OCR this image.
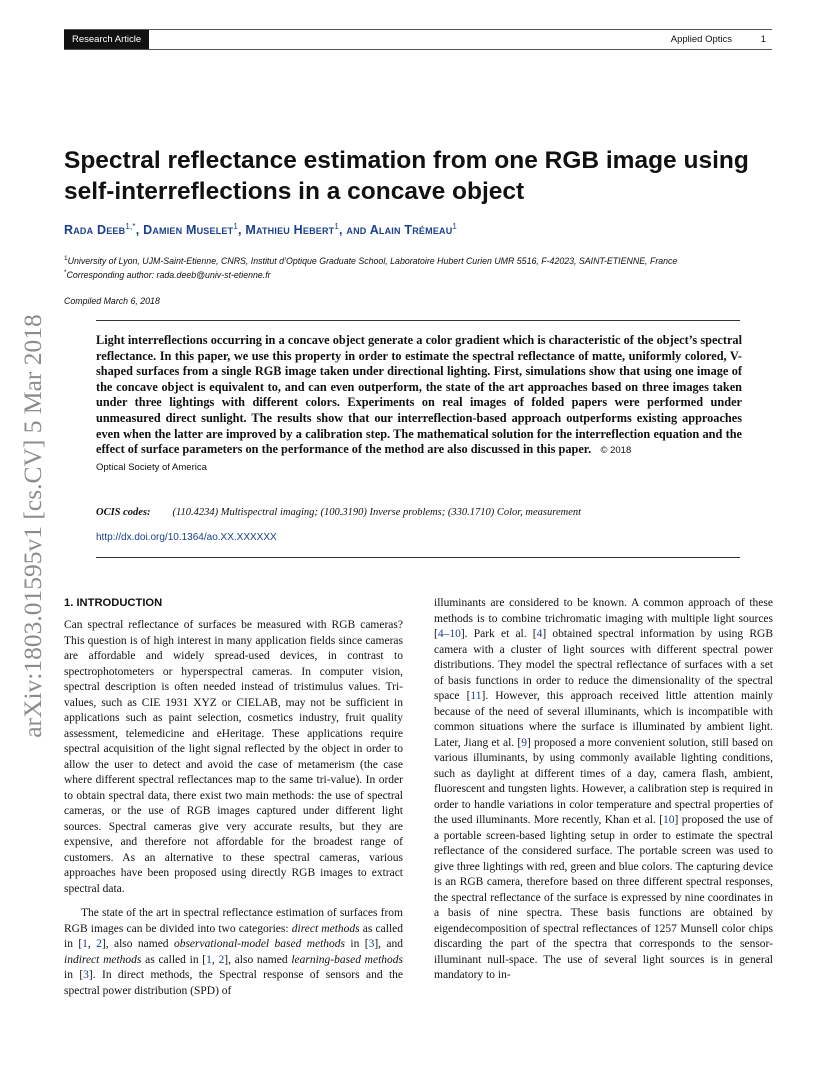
Research Article	Applied Optics	1
arXiv:1803.01595v1 [cs.CV] 5 Mar 2018
Spectral reflectance estimation from one RGB image using self-interreflections in a concave object
Rada Deeb$^{1,*}$, Damien Muselet$^1$, Mathieu Hebert$^1$, and Alain Trémeau$^1$
$^1$University of Lyon, UJM-Saint-Etienne, CNRS, Institut d’Optique Graduate School, Laboratoire Hubert Curien UMR 5516, F-42023, SAINT-ETIENNE, France
*Corresponding author: rada.deeb@univ-st-etienne.fr
Compiled March 6, 2018

Light interreflections occurring in a concave object generate a color gradient which is characteristic of the object’s spectral reflectance. In this paper, we use this property in order to estimate the spectral reflectance of matte, uniformly colored, V-shaped surfaces from a single RGB image taken under directional lighting. First, simulations show that using one image of the concave object is equivalent to, and can even outperform, the state of the art approaches based on three images taken under three lightings with different colors. Experiments on real images of folded papers were performed under unmeasured direct sunlight. The results show that our interreflection-based approach outperforms existing approaches even when the latter are improved by a calibration step. The mathematical solution for the interreflection equation and the effect of surface parameters on the performance of the method are also discussed in this paper. © 2018
Optical Society of America

OCIS codes: (110.4234) Multispectral imaging; (100.3190) Inverse problems; (330.1710) Color, measurement
http://dx.doi.org/10.1364/ao.XX.XXXXXX
1. INTRODUCTION

Can spectral reflectance of surfaces be measured with RGB cameras? This question is of high interest in many application fields since cameras are affordable and widely spread-used devices, in contrast to spectrophotometers or hyperspectral cameras. In computer vision, spectral description is often needed instead of tristimulus values. Tri-values, such as CIE 1931 XYZ or CIELAB, may not be sufficient in applications such as paint selection, cosmetics industry, fruit quality assessment, telemedicine and eHeritage. These applications require spectral acquisition of the light signal reflected by the object in order to allow the user to detect and avoid the case of metamerism (the case where different spectral reflectances map to the same tri-value). In order to obtain spectral data, there exist two main methods: the use of spectral cameras, or the use of RGB images captured under different light sources. Spectral cameras give very accurate results, but they are expensive, and therefore not affordable for the broadest range of customers. As an alternative to these spectral cameras, various approaches have been proposed using directly RGB images to extract spectral data.

The state of the art in spectral reflectance estimation of surfaces from RGB images can be divided into two categories: direct methods as called in [1, 2], also named observational-model based methods in [3], and indirect methods as called in [1, 2], also named learning-based methods in [3]. In direct methods, the Spectral response of sensors and the spectral power distribution (SPD) of

illuminants are considered to be known. A common approach of these methods is to combine trichromatic imaging with multiple light sources [4–10]. Park et al. [4] obtained spectral information by using RGB camera with a cluster of light sources with different spectral power distributions. They model the spectral reflectance of surfaces with a set of basis functions in order to reduce the dimensionality of the spectral space [11]. However, this approach received little attention mainly because of the need of several illuminants, which is incompatible with common situations where the surface is illuminated by ambient light. Later, Jiang et al. [9] proposed a more convenient solution, still based on various illuminants, by using commonly available lighting conditions, such as daylight at different times of a day, camera flash, ambient, fluorescent and tungsten lights. However, a calibration step is required in order to handle variations in color temperature and spectral properties of the used illuminants. More recently, Khan et al. [10] proposed the use of a portable screen-based lighting setup in order to estimate the spectral reflectance of the considered surface. The portable screen was used to give three lightings with red, green and blue colors. The capturing device is an RGB camera, therefore based on three different spectral responses, the spectral reflectance of the surface is expressed by nine coordinates in a basis of nine spectra. These basis functions are obtained by eigendecomposition of spectral reflectances of 1257 Munsell color chips discarding the part of the spectra that corresponds to the sensor-illuminant null-space. The use of several light sources is in general mandatory to in-
